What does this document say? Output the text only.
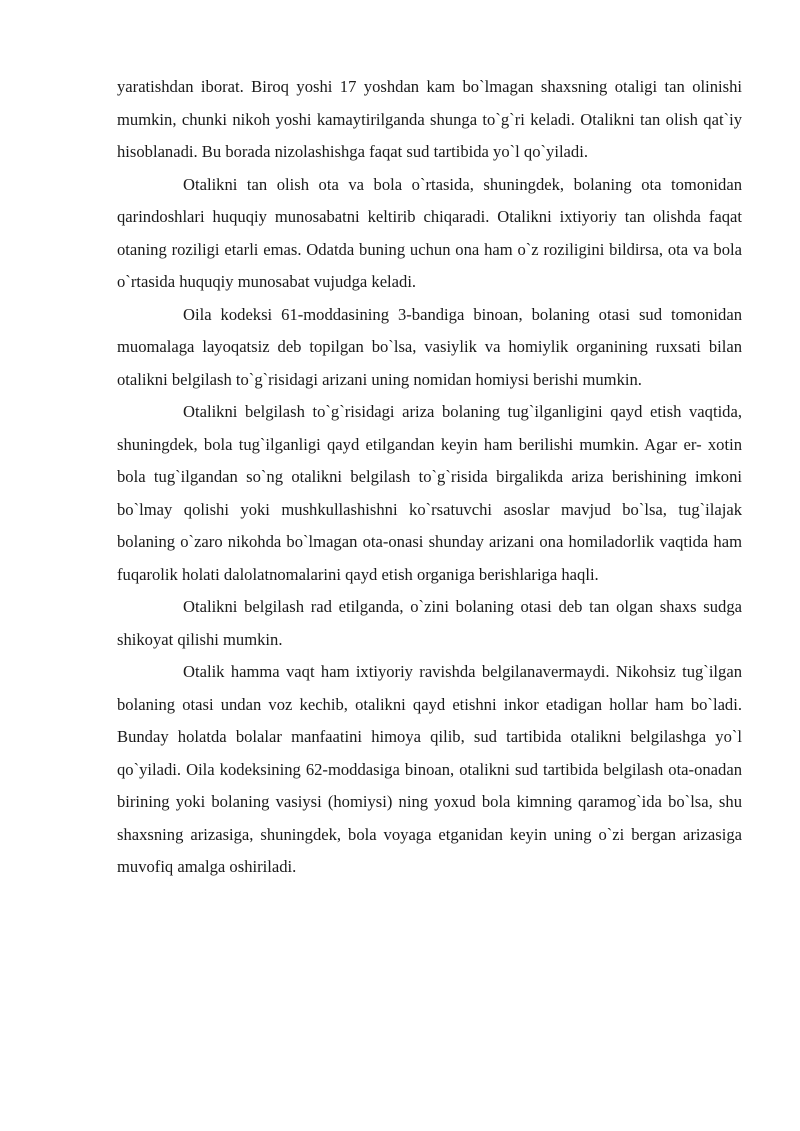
yaratishdan iborat. Biroq yoshi 17 yoshdan kam bo`lmagan shaxsning otaligi tan olinishi mumkin, chunki nikoh yoshi kamaytirilganda shunga to`g`ri keladi. Otalikni tan olish qat`iy hisoblanadi. Bu borada nizolashishga faqat sud tartibida yo`l qo`yiladi.

Otalikni tan olish ota va bola o`rtasida, shuningdek, bolaning ota tomonidan qarindoshlari huquqiy munosabatni keltirib chiqaradi. Otalikni ixtiyoriy tan olishda faqat otaning roziligi etarli emas. Odatda buning uchun ona ham o`z roziligini bildirsa, ota va bola o`rtasida huquqiy munosabat vujudga keladi.

Oila kodeksi 61-moddasining 3-bandiga binoan, bolaning otasi sud tomonidan muomalaga layoqatsiz deb topilgan bo`lsa, vasiylik va homiylik organining ruxsati bilan otalikni belgilash to`g`risidagi arizani uning nomidan homiysi berishi mumkin.

Otalikni belgilash to`g`risidagi ariza bolaning tug`ilganligini qayd etish vaqtida, shuningdek, bola tug`ilganligi qayd etilgandan keyin ham berilishi mumkin. Agar er- xotin bola tug`ilgandan so`ng otalikni belgilash to`g`risida birgalikda ariza berishining imkoni bo`lmay qolishi yoki mushkullashishni ko`rsatuvchi asoslar mavjud bo`lsa, tug`ilajak bolaning o`zaro nikohda bo`lmagan ota-onasi shunday arizani ona homiladorlik vaqtida ham fuqarolik holati dalolatnomalarini qayd etish organiga berishlariga haqli.

Otalikni belgilash rad etilganda, o`zini bolaning otasi deb tan olgan shaxs sudga shikoyat qilishi mumkin.

Otalik hamma vaqt ham ixtiyoriy ravishda belgilanavermaydi. Nikohsiz tug`ilgan bolaning otasi undan voz kechib, otalikni qayd etishni inkor etadigan hollar ham bo`ladi. Bunday holatda bolalar manfaatini himoya qilib, sud tartibida otalikni belgilashga yo`l qo`yiladi. Oila kodeksining 62-moddasiga binoan, otalikni sud tartibida belgilash ota-onadan birining yoki bolaning vasiysi (homiysi) ning yoxud bola kimning qaramog`ida bo`lsa, shu shaxsning arizasiga, shuningdek, bola voyaga etganidan keyin uning o`zi bergan arizasiga muvofiq amalga oshiriladi.
